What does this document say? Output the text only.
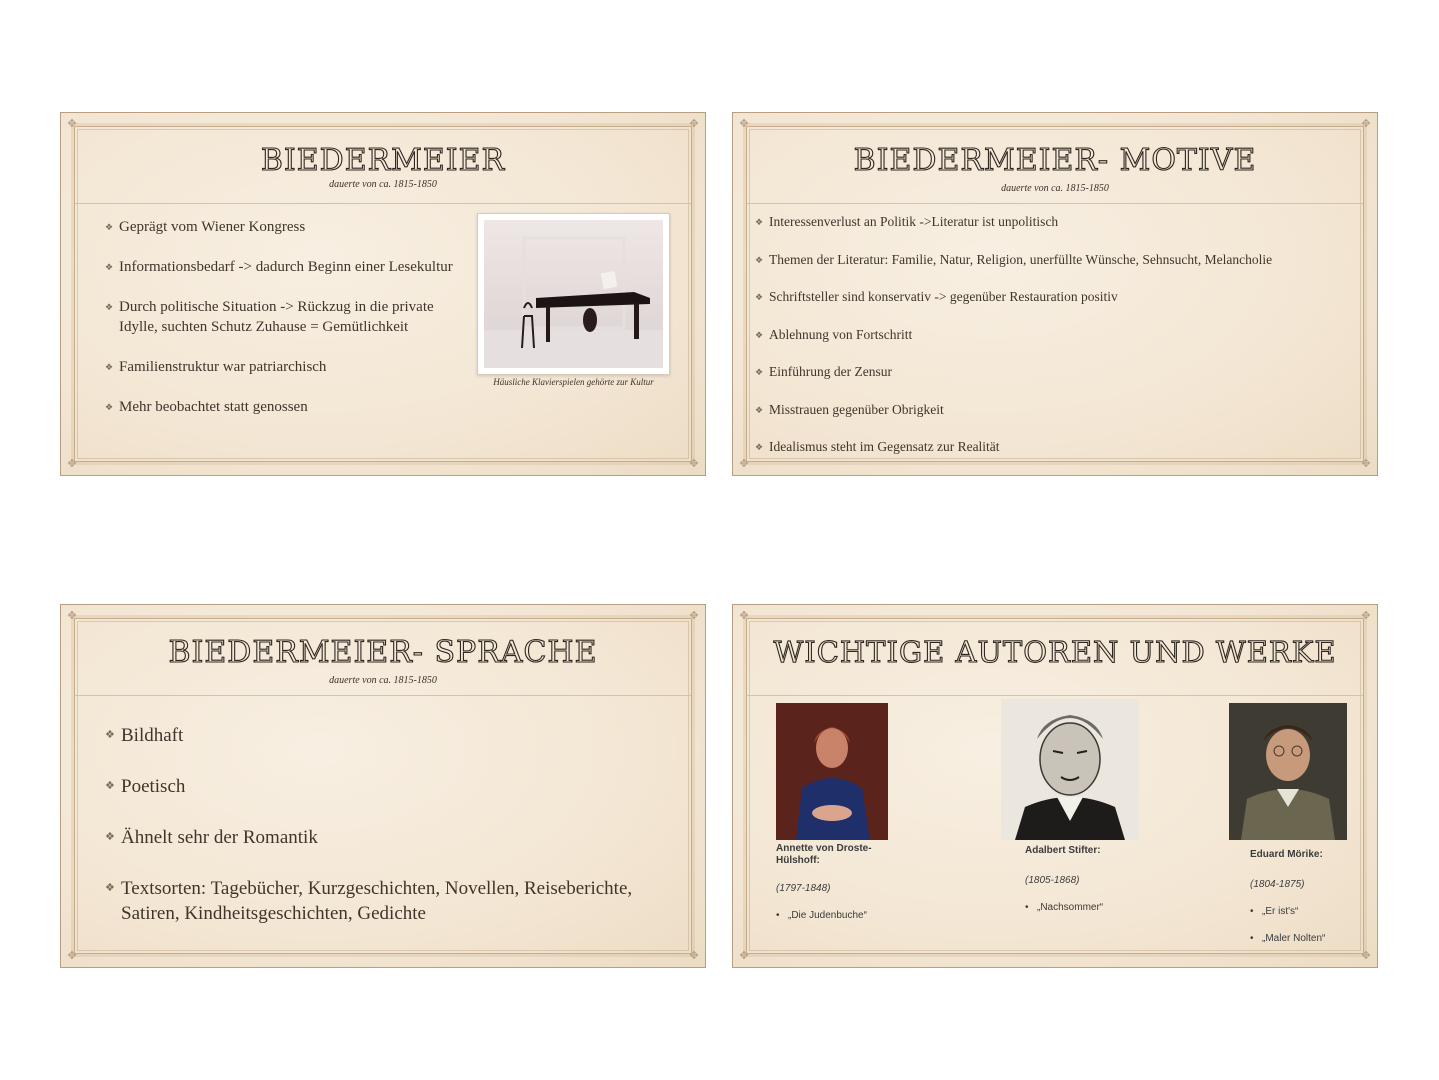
✥	✥
✥	✥
BIEDERMEIER
dauerte von ca. 1815-1850
❖ Geprägt vom Wiener Kongress
❖ Informationsbedarf -> dadurch Beginn einer Lesekultur
❖ Durch politische Situation -> Rückzug in die private Idylle, suchten Schutz Zuhause = Gemütlichkeit
❖ Familienstruktur war patriarchisch
❖ Mehr beobachtet statt genossen
Häusliche Klavierspielen gehörte zur Kultur
✥	✥
✥	✥
BIEDERMEIER- MOTIVE
dauerte von ca. 1815-1850
❖ Interessenverlust an Politik ->Literatur ist unpolitisch
❖ Themen der Literatur: Familie, Natur, Religion, unerfüllte Wünsche, Sehnsucht, Melancholie
❖ Schriftsteller sind konservativ -> gegenüber Restauration positiv
❖ Ablehnung von Fortschritt
❖ Einführung der Zensur
❖ Misstrauen gegenüber Obrigkeit
❖ Idealismus steht im Gegensatz zur Realität
✥	✥
✥	✥
BIEDERMEIER- SPRACHE
dauerte von ca. 1815-1850
❖ Bildhaft
❖ Poetisch
❖ Ähnelt sehr der Romantik
❖ Textsorten: Tagebücher, Kurzgeschichten, Novellen, Reiseberichte, Satiren, Kindheitsgeschichten, Gedichte
✥	✥
✥	✥
WICHTIGE AUTOREN UND WERKE
Annette von Droste-Hülshoff:
(1797-1848)
• „Die Judenbuche“
Adalbert Stifter:
(1805-1868)
• „Nachsommer“
Eduard Mörike:
(1804-1875)
• „Er ist's“
• „Maler Nolten“
